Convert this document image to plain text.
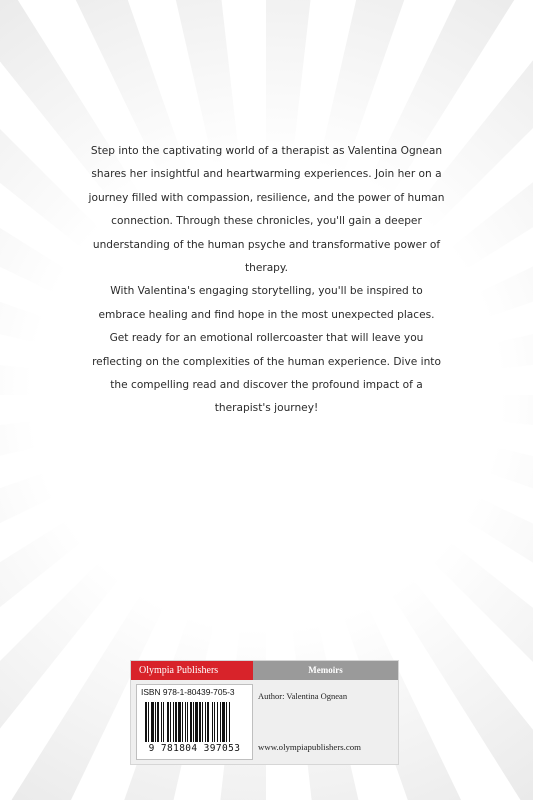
Step into the captivating world of a therapist as Valentina Ognean shares her insightful and heartwarming experiences. Join her on a journey filled with compassion, resilience, and the power of human connection. Through these chronicles, you'll gain a deeper understanding of the human psyche and transformative power of therapy.

With Valentina's engaging storytelling, you'll be inspired to embrace healing and find hope in the most unexpected places. Get ready for an emotional rollercoaster that will leave you reflecting on the complexities of the human experience. Dive into the compelling read and discover the profound impact of a therapist's journey!

Olympia Publishers	Memoirs
ISBN 978-1-80439-705-3
9 781804 397053
Author: Valentina Ognean
www.olympiapublishers.com
